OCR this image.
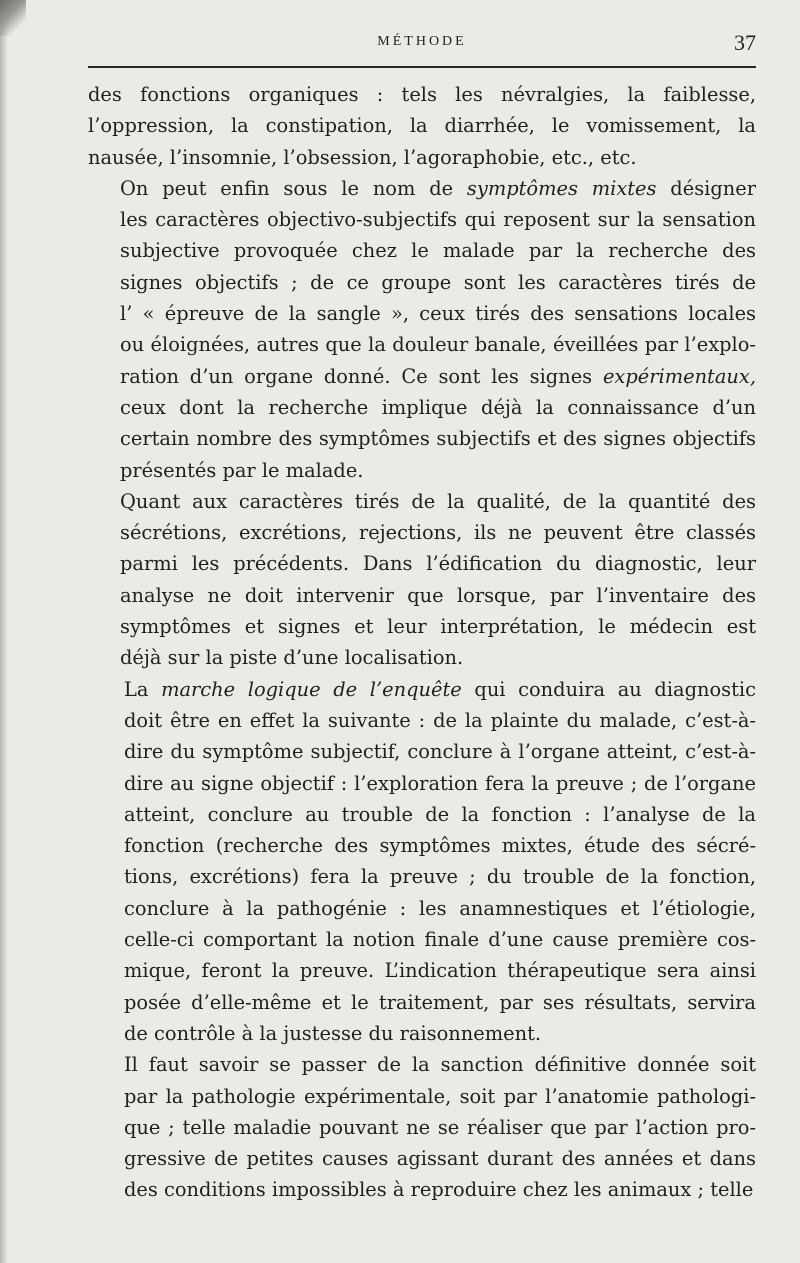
MÉTHODE	37

des fonctions organiques : tels les névralgies, la faiblesse,
l’oppression, la constipation, la diarrhée, le vomissement, la
nausée, l’insomnie, l’obsession, l’agoraphobie, etc., etc.

On peut enfin sous le nom de symptômes mixtes désigner
les caractères objectivo-subjectifs qui reposent sur la sensation
subjective provoquée chez le malade par la recherche des
signes objectifs ; de ce groupe sont les caractères tirés de
l’ « épreuve de la sangle », ceux tirés des sensations locales
ou éloignées, autres que la douleur banale, éveillées par l’explo-
ration d’un organe donné. Ce sont les signes expérimentaux,
ceux dont la recherche implique déjà la connaissance d’un
certain nombre des symptômes subjectifs et des signes objectifs
présentés par le malade.

Quant aux caractères tirés de la qualité, de la quantité des
sécrétions, excrétions, rejections, ils ne peuvent être classés
parmi les précédents. Dans l’édification du diagnostic, leur
analyse ne doit intervenir que lorsque, par l’inventaire des
symptômes et signes et leur interprétation, le médecin est
déjà sur la piste d’une localisation.

La marche logique de l’enquête qui conduira au diagnostic
doit être en effet la suivante : de la plainte du malade, c’est-à-
dire du symptôme subjectif, conclure à l’organe atteint, c’est-à-
dire au signe objectif : l’exploration fera la preuve ; de l’organe
atteint, conclure au trouble de la fonction : l’analyse de la
fonction (recherche des symptômes mixtes, étude des sécré-
tions, excrétions) fera la preuve ; du trouble de la fonction,
conclure à la pathogénie : les anamnestiques et l’étiologie,
celle-ci comportant la notion finale d’une cause première cos-
mique, feront la preuve. L’indication thérapeutique sera ainsi
posée d’elle-même et le traitement, par ses résultats, servira
de contrôle à la justesse du raisonnement.

Il faut savoir se passer de la sanction définitive donnée soit
par la pathologie expérimentale, soit par l’anatomie pathologi-
que ; telle maladie pouvant ne se réaliser que par l’action pro-
gressive de petites causes agissant durant des années et dans
des conditions impossibles à reproduire chez les animaux ; telle
